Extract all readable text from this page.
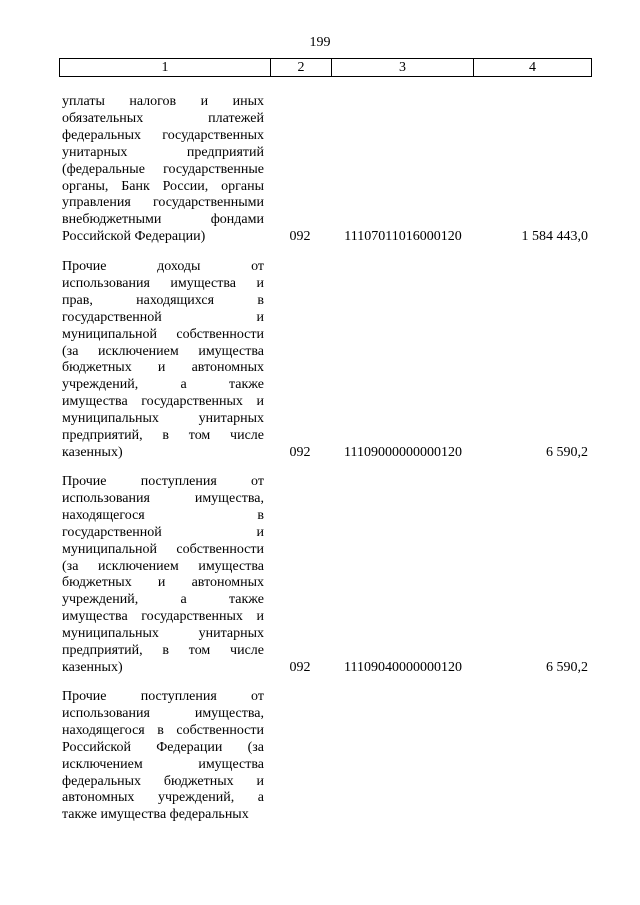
199
1	2	3	4
уплаты налогов и иных
обязательных	платежей
федеральных государственных
унитарных	предприятий
(федеральные государственные
органы, Банк России, органы
управления государственными
внебюджетными	фондами
Российской Федерации)	092	11107011016000120	1 584 443,0
Прочие	доходы	от
использования имущества и
прав,	находящихся	в
государственной	и
муниципальной собственности
(за исключением имущества
бюджетных и автономных
учреждений,	а	также
имущества государственных и
муниципальных	унитарных
предприятий, в том числе
казенных)	092	11109000000000120	6 590,2
Прочие поступления от
использования	имущества,
находящегося	в
государственной	и
муниципальной собственности
(за исключением имущества
бюджетных и автономных
учреждений,	а	также
имущества государственных и
муниципальных	унитарных
предприятий, в том числе
казенных)	092	11109040000000120	6 590,2
Прочие поступления от
использования	имущества,
находящегося в собственности
Российской Федерации (за
исключением	имущества
федеральных бюджетных и
автономных учреждений, а
также имущества федеральных
